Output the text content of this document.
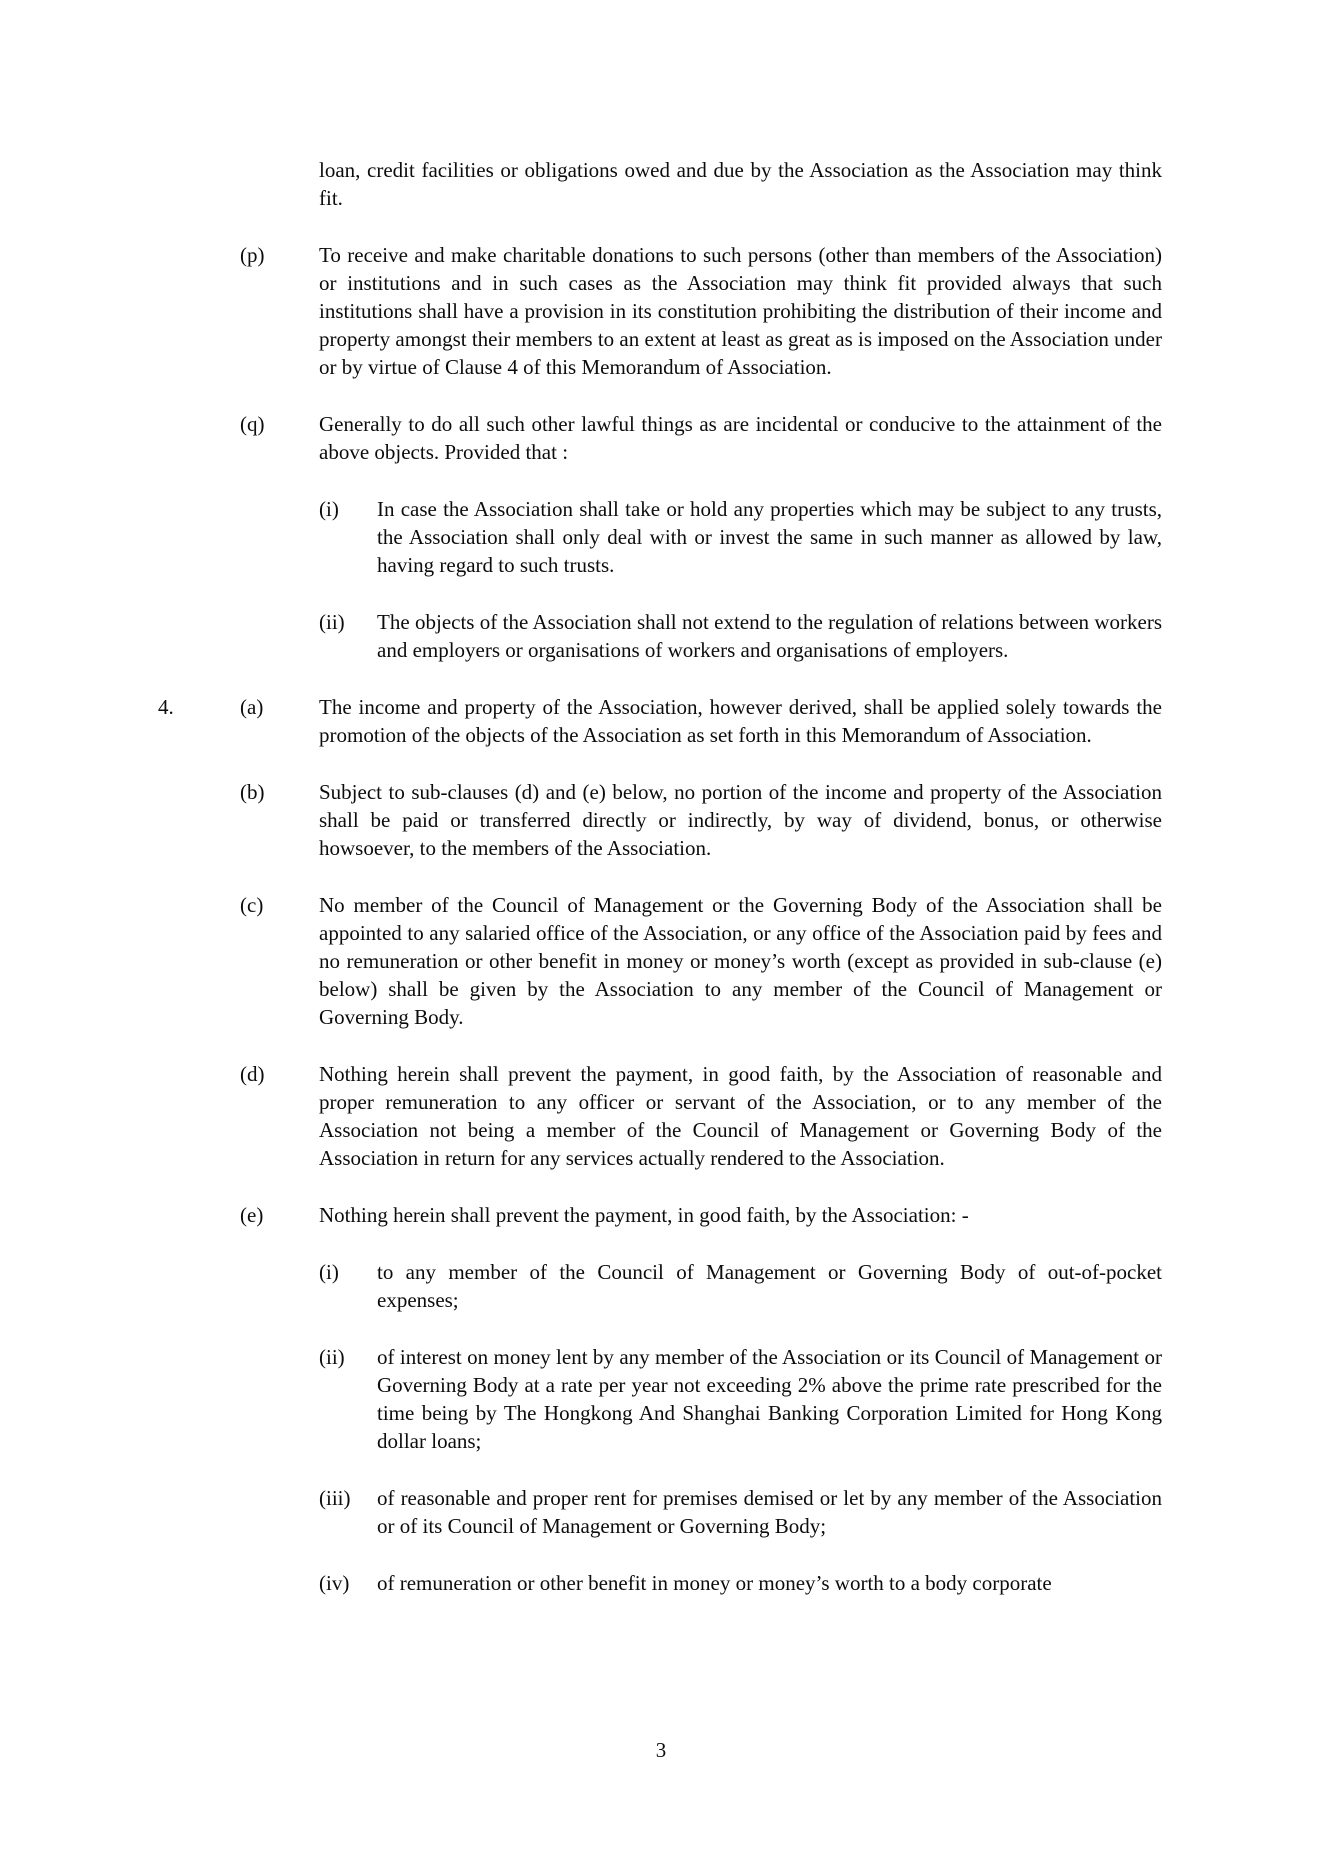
loan, credit facilities or obligations owed and due by the Association as the Association may think fit.

(p)	To receive and make charitable donations to such persons (other than members of the Association) or institutions and in such cases as the Association may think fit provided always that such institutions shall have a provision in its constitution prohibiting the distribution of their income and property amongst their members to an extent at least as great as is imposed on the Association under or by virtue of Clause 4 of this Memorandum of Association.

(q)	Generally to do all such other lawful things as are incidental or conducive to the attainment of the above objects. Provided that :

(i)	In case the Association shall take or hold any properties which may be subject to any trusts, the Association shall only deal with or invest the same in such manner as allowed by law, having regard to such trusts.

(ii)	The objects of the Association shall not extend to the regulation of relations between workers and employers or organisations of workers and organisations of employers.

4.	(a)	The income and property of the Association, however derived, shall be applied solely towards the promotion of the objects of the Association as set forth in this Memorandum of Association.

(b)	Subject to sub-clauses (d) and (e) below, no portion of the income and property of the Association shall be paid or transferred directly or indirectly, by way of dividend, bonus, or otherwise howsoever, to the members of the Association.

(c)	No member of the Council of Management or the Governing Body of the Association shall be appointed to any salaried office of the Association, or any office of the Association paid by fees and no remuneration or other benefit in money or money’s worth (except as provided in sub-clause (e) below) shall be given by the Association to any member of the Council of Management or Governing Body.

(d)	Nothing herein shall prevent the payment, in good faith, by the Association of reasonable and proper remuneration to any officer or servant of the Association, or to any member of the Association not being a member of the Council of Management or Governing Body of the Association in return for any services actually rendered to the Association.

(e)	Nothing herein shall prevent the payment, in good faith, by the Association: -

(i)	to any member of the Council of Management or Governing Body of out-of-pocket expenses;

(ii)	of interest on money lent by any member of the Association or its Council of Management or Governing Body at a rate per year not exceeding 2% above the prime rate prescribed for the time being by The Hongkong And Shanghai Banking Corporation Limited for Hong Kong dollar loans;

(iii)	of reasonable and proper rent for premises demised or let by any member of the Association or of its Council of Management or Governing Body;

(iv)	of remuneration or other benefit in money or money’s worth to a body corporate

3
